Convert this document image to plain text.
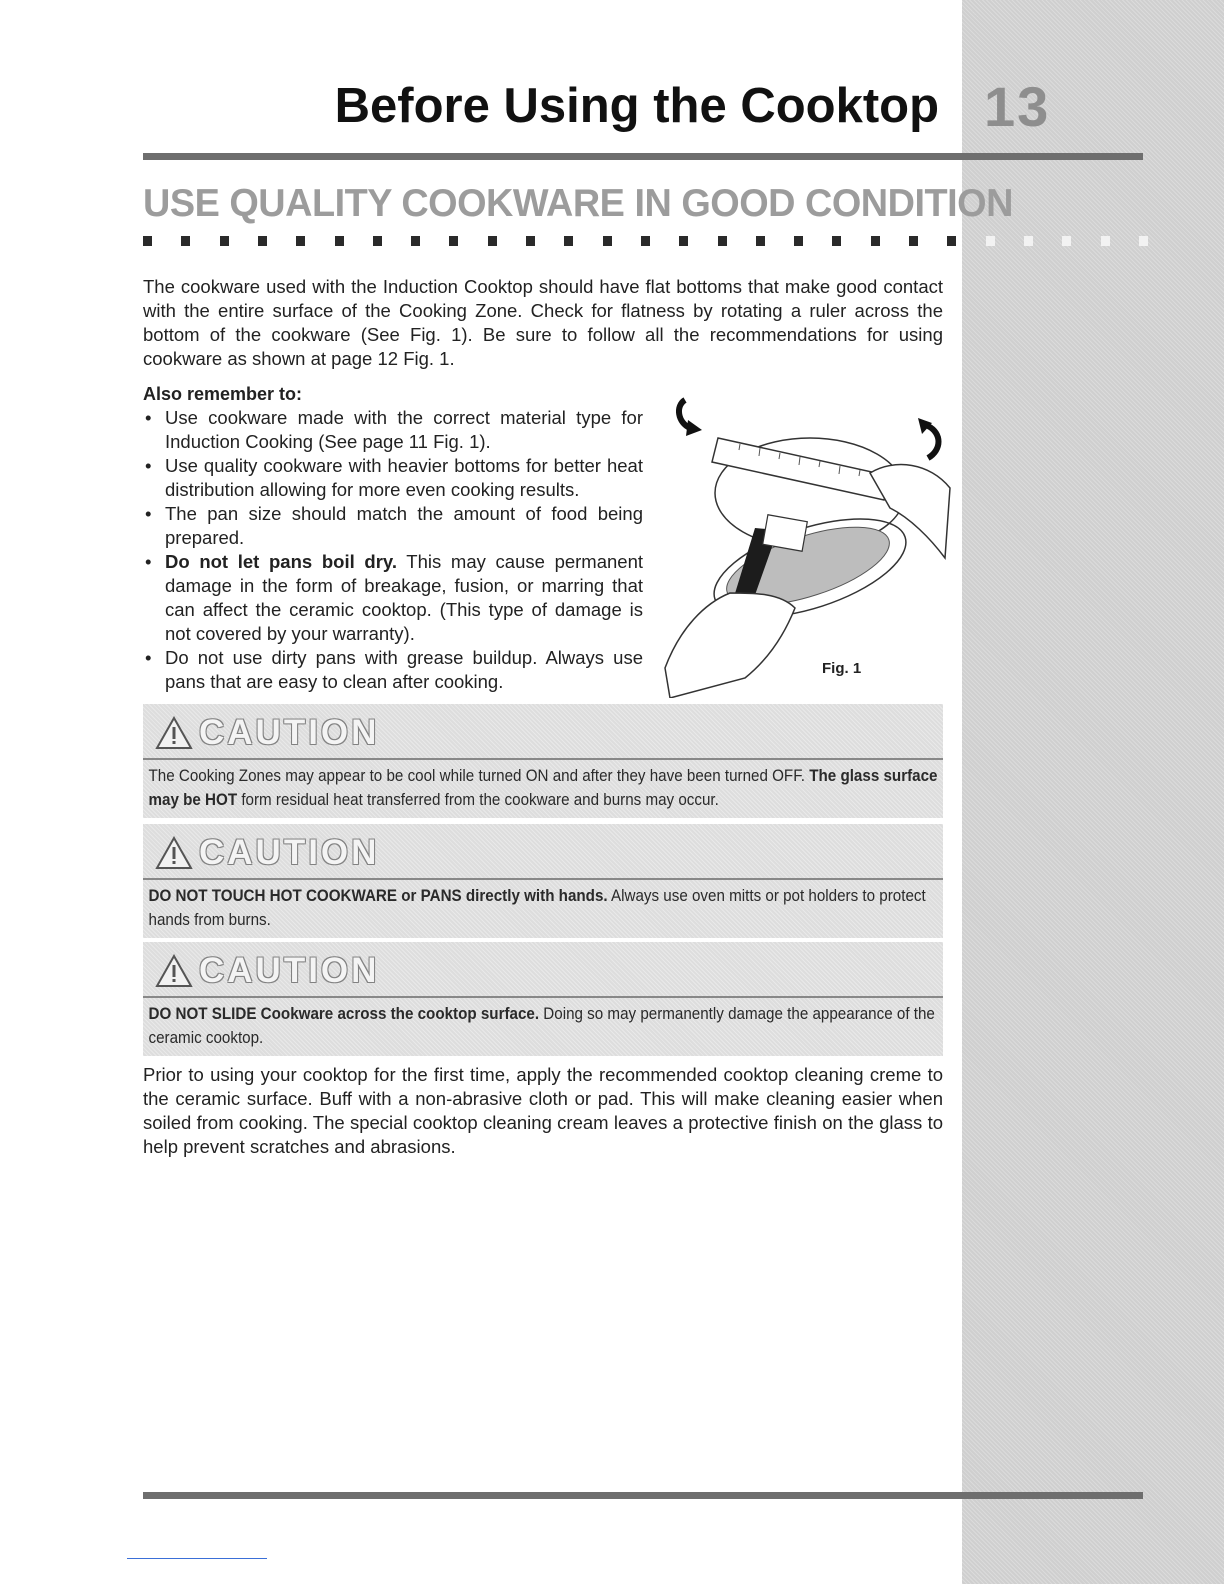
Before Using the Cooktop 13
USE QUALITY COOKWARE IN GOOD CONDITION
The cookware used with the Induction Cooktop should have flat bottoms that make good contact with the entire surface of the Cooking Zone. Check for flatness by rotating a ruler across the bottom of the cookware (See Fig. 1). Be sure to follow all the recommendations for using cookware as shown at page 12 Fig. 1.
Also remember to:
• Use cookware made with the correct material type for Induction Cooking (See page 11 Fig. 1).
• Use quality cookware with heavier bottoms for better heat distribution allowing for more even cooking results.
• The pan size should match the amount of food being prepared.
• Do not let pans boil dry. This may cause permanent damage in the form of breakage, fusion, or marring that can affect the ceramic cooktop. (This type of damage is not covered by your warranty).
• Do not use dirty pans with grease buildup. Always use pans that are easy to clean after cooking.
Fig. 1
CAUTION
The Cooking Zones may appear to be cool while turned ON and after they have been turned OFF. The glass surface may be HOT form residual heat transferred from the cookware and burns may occur.
CAUTION
DO NOT TOUCH HOT COOKWARE or PANS directly with hands. Always use oven mitts or pot holders to protect hands from burns.
CAUTION
DO NOT SLIDE Cookware across the cooktop surface. Doing so may permanently damage the appearance of the ceramic cooktop.
Prior to using your cooktop for the first time, apply the recommended cooktop cleaning creme to the ceramic surface. Buff with a non-abrasive cloth or pad. This will make cleaning easier when soiled from cooking. The special cooktop cleaning cream leaves a protective finish on the glass to help prevent scratches and abrasions.
